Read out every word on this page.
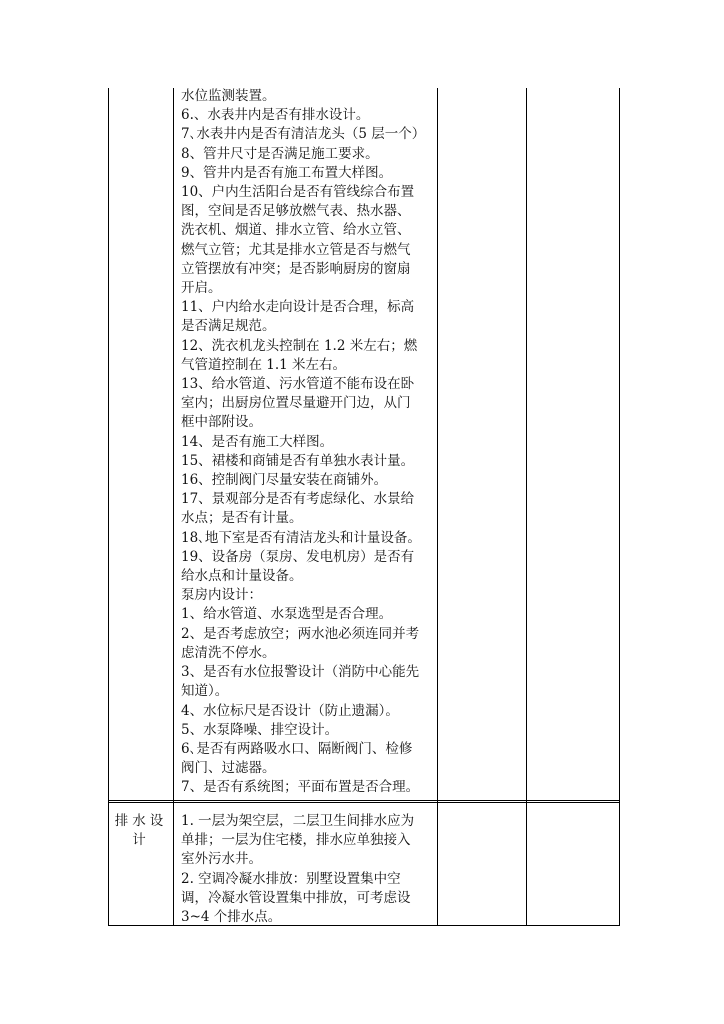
水位监测装置。

6.、水表井内是否有排水设计。

7､水表井内是否有清洁龙头（5 层一个）

8、管井尺寸是否满足施工要求。

9、管井内是否有施工布置大样图。

10、户内生活阳台是否有管线综合布置

图，空间是否足够放燃气表、热水器、

洗衣机、烟道、排水立管、给水立管、

燃气立管；尤其是排水立管是否与燃气

立管摆放有冲突；是否影响厨房的窗扇

开启。

11、户内给水走向设计是否合理，标高

是否满足规范。

12、洗衣机龙头控制在 1.2 米左右；燃

气管道控制在 1.1 米左右。

13、给水管道、污水管道不能布设在卧

室内；出厨房位置尽量避开门边，从门

框中部附设。

14、是否有施工大样图。

15、裙楼和商铺是否有单独水表计量。

16、控制阀门尽量安装在商铺外。

17、景观部分是否有考虑绿化、水景给

水点；是否有计量。

18､地下室是否有清洁龙头和计量设备。

19、设备房（泵房、发电机房）是否有

给水点和计量设备。

泵房内设计：

1、给水管道、水泵选型是否合理。

2、是否考虑放空；两水池必须连同并考

虑清洗不停水。

3、是否有水位报警设计（消防中心能先

知道）。

4、水位标尺是否设计（防止遗漏）。

5、水泵降噪、排空设计。

6､是否有两路吸水口、隔断阀门、检修

阀门、过滤器。

7、是否有系统图；平面布置是否合理。

排水设

计

1. 一层为架空层，二层卫生间排水应为

单排；一层为住宅楼，排水应单独接入

室外污水井。

2. 空调冷凝水排放：别墅设置集中空

调，冷凝水管设置集中排放，可考虑设

3~4 个排水点。
